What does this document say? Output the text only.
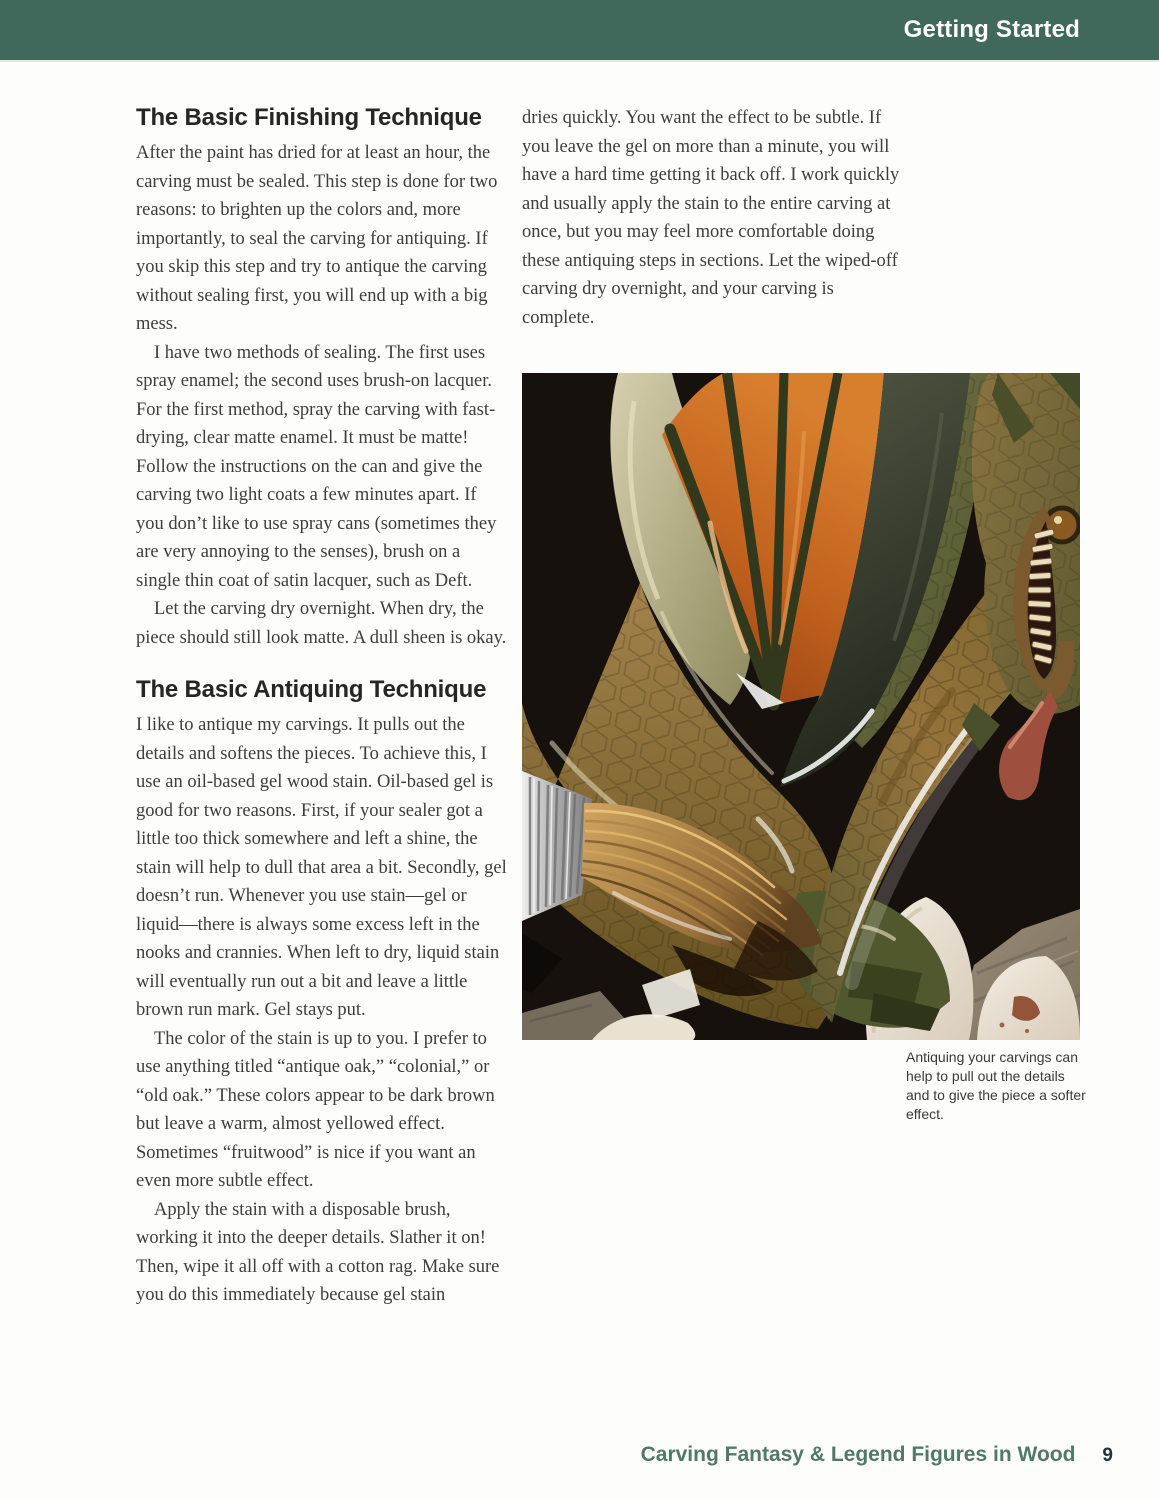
Getting Started
The Basic Finishing Technique

After the paint has dried for at least an hour, the carving must be sealed. This step is done for two reasons: to brighten up the colors and, more importantly, to seal the carving for antiquing. If you skip this step and try to antique the carving without sealing first, you will end up with a big mess.

I have two methods of sealing. The first uses spray enamel; the second uses brush-on lacquer. For the first method, spray the carving with fast-drying, clear matte enamel. It must be matte! Follow the instructions on the can and give the carving two light coats a few minutes apart. If you don’t like to use spray cans (sometimes they are very annoying to the senses), brush on a single thin coat of satin lacquer, such as Deft.

Let the carving dry overnight. When dry, the piece should still look matte. A dull sheen is okay.

The Basic Antiquing Technique

I like to antique my carvings. It pulls out the details and softens the pieces. To achieve this, I use an oil-based gel wood stain. Oil-based gel is good for two reasons. First, if your sealer got a little too thick somewhere and left a shine, the stain will help to dull that area a bit. Secondly, gel doesn’t run. Whenever you use stain—gel or liquid—there is always some excess left in the nooks and crannies. When left to dry, liquid stain will eventually run out a bit and leave a little brown run mark. Gel stays put.

The color of the stain is up to you. I prefer to use anything titled “antique oak,” “colonial,” or “old oak.” These colors appear to be dark brown but leave a warm, almost yellowed effect. Sometimes “fruitwood” is nice if you want an even more subtle effect.

Apply the stain with a disposable brush, working it into the deeper details. Slather it on! Then, wipe it all off with a cotton rag. Make sure you do this immediately because gel stain

dries quickly. You want the effect to be subtle. If you leave the gel on more than a minute, you will have a hard time getting it back off. I work quickly and usually apply the stain to the entire carving at once, but you may feel more comfortable doing these antiquing steps in sections. Let the wiped-off carving dry overnight, and your carving is complete.

Antiquing your carvings can help to pull out the details and to give the piece a softer effect.
Carving Fantasy & Legend Figures in Wood 9
